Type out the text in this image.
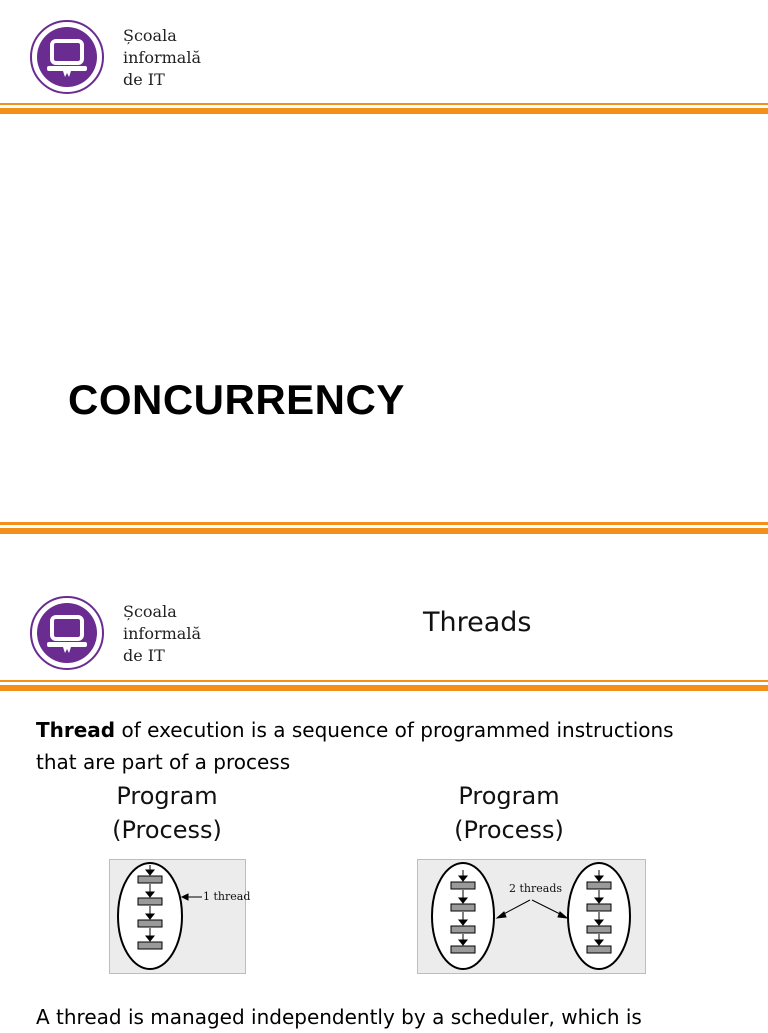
Școala
informală
de IT
CONCURRENCY
Școala
informală
de IT
Threads
Thread of execution is a sequence of programmed instructions
that are part of a process
Program
(Process)
Program
(Process)
1 thread
2 threads
A thread is managed independently by a scheduler, which is
